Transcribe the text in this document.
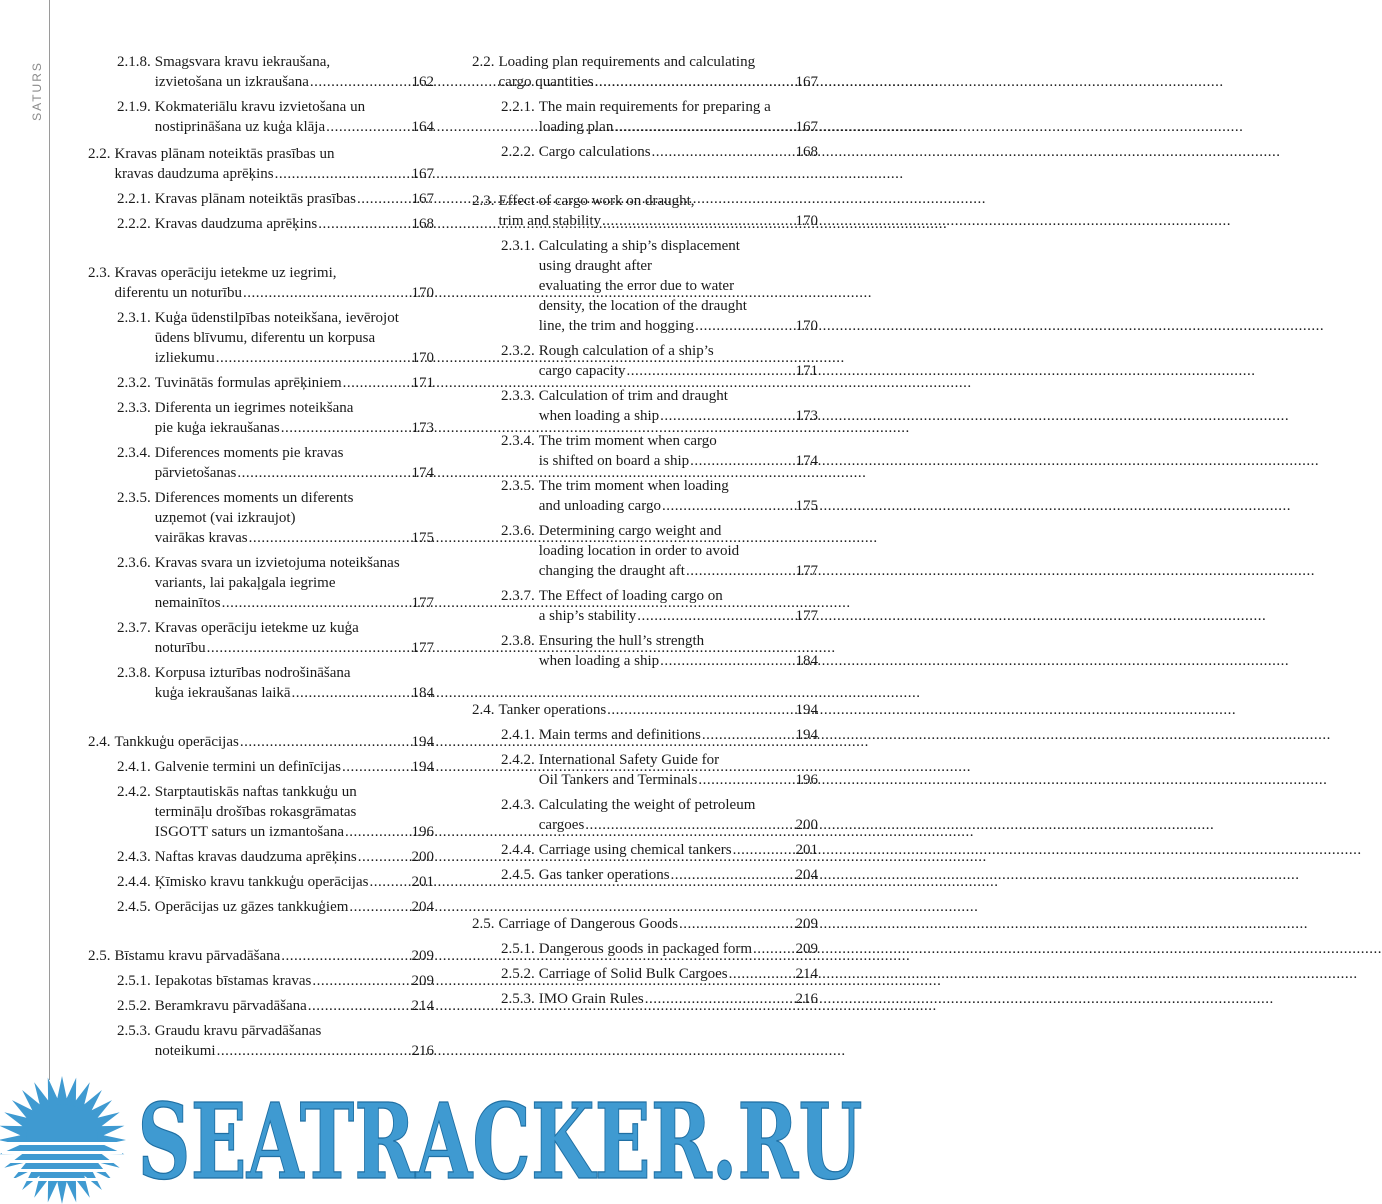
SATURS	2.1.8. Smagsvara kravu iekraušana,
izvietošana un izkraušana .....	162
2.1.9. Kokmateriālu kravu izvietošana un
nostiprināšana uz kuģa klāja .....	164
2.2. Kravas plānam noteiktās prasības un
kravas daudzuma aprēķins .....	167
2.2.1. Kravas plānam noteiktās prasības .....	167
2.2.2. Kravas daudzuma aprēķins .....	168
2.3. Kravas operāciju ietekme uz iegrimi,
diferentu un noturību .....	170
2.3.1. Kuģa ūdenstilpības noteikšana, ievērojot
ūdens blīvumu, diferentu un korpusa
izliekumu .....	170
2.3.2. Tuvinātās formulas aprēķiniem .....	171
2.3.3. Diferenta un iegrimes noteikšana
pie kuģa iekraušanas .....	173
2.3.4. Diferences moments pie kravas
pārvietošanas .....	174
2.3.5. Diferences moments un diferents
uzņemot (vai izkraujot)
vairākas kravas .....	175
2.3.6. Kravas svara un izvietojuma noteikšanas
variants, lai pakaļgala iegrime
nemainītos .....	177
2.3.7. Kravas operāciju ietekme uz kuģa
noturību .....	177
2.3.8. Korpusa izturības nodrošināšana
kuģa iekraušanas laikā .....	184
2.4. Tankkuģu operācijas .....	194
2.4.1. Galvenie termini un definīcijas .....	194
2.4.2. Starptautiskās naftas tankkuģu un
termināļu drošības rokasgrāmatas
ISGOTT saturs un izmantošana .....	196
2.4.3. Naftas kravas daudzuma aprēķins .....	200
2.4.4. Ķīmisko kravu tankkuģu operācijas .....	201
2.4.5. Operācijas uz gāzes tankkuģiem .....	204
2.5. Bīstamu kravu pārvadāšana .....	209
2.5.1. Iepakotas bīstamas kravas .....	209
2.5.2. Beramkravu pārvadāšana .....	214
2.5.3. Graudu kravu pārvadāšanas
noteikumi .....	216
2.2. Loading plan requirements and calculating
cargo quantities .....	167
2.2.1. The main requirements for preparing a
loading plan .....	167
2.2.2. Cargo calculations .....	168
2.3. Effect of cargo work on draught,
trim and stability .....	170
2.3.1. Calculating a ship’s displacement
using draught after
evaluating the error due to water
density, the location of the draught
line, the trim and hogging .....	170
2.3.2. Rough calculation of a ship’s
cargo capacity .....	171
2.3.3. Calculation of trim and draught
when loading a ship .....	173
2.3.4. The trim moment when cargo
is shifted on board a ship .....	174
2.3.5. The trim moment when loading
and unloading cargo .....	175
2.3.6. Determining cargo weight and
loading location in order to avoid
changing the draught aft .....	177
2.3.7. The Effect of loading cargo on
a ship’s stability .....	177
2.3.8. Ensuring the hull’s strength
when loading a ship .....	184
2.4. Tanker operations .....	194
2.4.1. Main terms and definitions .....	194
2.4.2. International Safety Guide for
Oil Tankers and Terminals .....	196
2.4.3. Calculating the weight of petroleum
cargoes .....	200
2.4.4. Carriage using chemical tankers .....	201
2.4.5. Gas tanker operations .....	204
2.5. Carriage of Dangerous Goods .....	209
2.5.1. Dangerous goods in packaged form .....	209
2.5.2. Carriage of Solid Bulk Cargoes .....	214
2.5.3. IMO Grain Rules .....	216
SEATRACKER.RU
